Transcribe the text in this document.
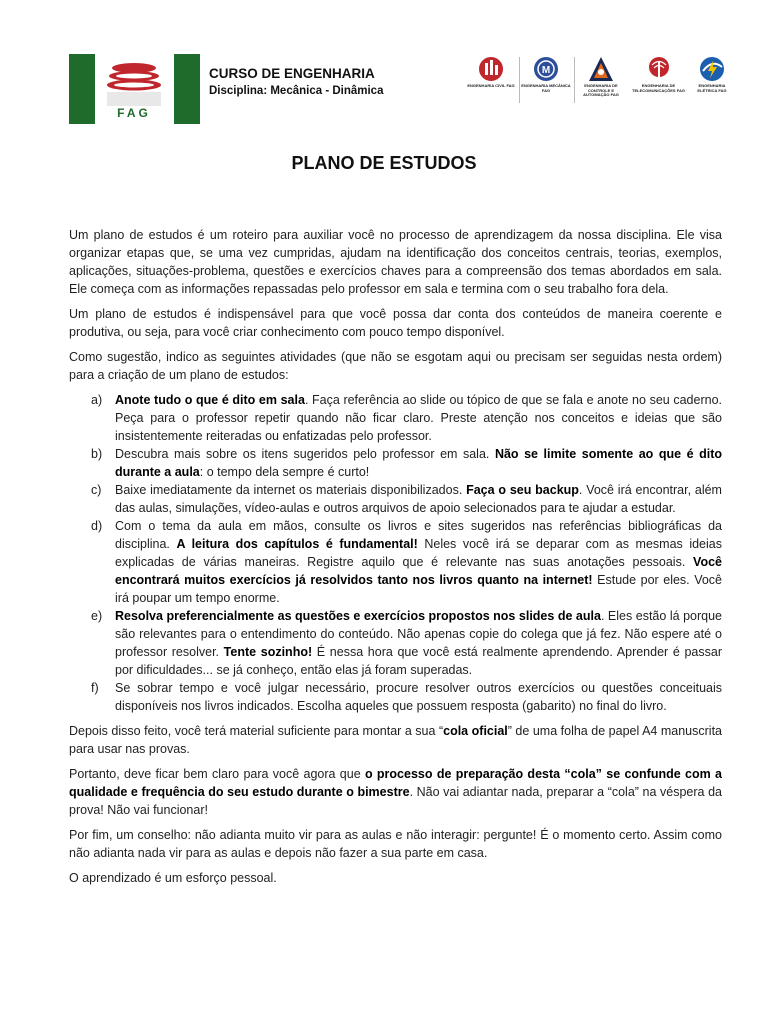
FAG
CURSO DE ENGENHARIA
Disciplina: Mecânica - Dinâmica	ENGENHARIA CIVIL FAG
M
ENGENHARIA MECÂNICA FAG
ENGENHARIA DE CONTROLE E AUTOMAÇÃO FAG
ENGENHARIA DE TELECOMUNICAÇÕES FAG
ENGENHARIA ELÉTRICA FAG
PLANO DE ESTUDOS

Um plano de estudos é um roteiro para auxiliar você no processo de aprendizagem da nossa disciplina. Ele visa organizar etapas que, se uma vez cumpridas, ajudam na identificação dos conceitos centrais, teorias, exemplos, aplicações, situações-problema, questões e exercícios chaves para a compreensão dos temas abordados em sala. Ele começa com as informações repassadas pelo professor em sala e termina com o seu trabalho fora dela.

Um plano de estudos é indispensável para que você possa dar conta dos conteúdos de maneira coerente e produtiva, ou seja, para você criar conhecimento com pouco tempo disponível.

Como sugestão, indico as seguintes atividades (que não se esgotam aqui ou precisam ser seguidas nesta ordem) para a criação de um plano de estudos:

a) Anote tudo o que é dito em sala. Faça referência ao slide ou tópico de que se fala e anote no seu caderno. Peça para o professor repetir quando não ficar claro. Preste atenção nos conceitos e ideias que são insistentemente reiteradas ou enfatizadas pelo professor.
b) Descubra mais sobre os itens sugeridos pelo professor em sala. Não se limite somente ao que é dito durante a aula: o tempo dela sempre é curto!
c) Baixe imediatamente da internet os materiais disponibilizados. Faça o seu backup. Você irá encontrar, além das aulas, simulações, vídeo-aulas e outros arquivos de apoio selecionados para te ajudar a estudar.
d) Com o tema da aula em mãos, consulte os livros e sites sugeridos nas referências bibliográficas da disciplina. A leitura dos capítulos é fundamental! Neles você irá se deparar com as mesmas ideias explicadas de várias maneiras. Registre aquilo que é relevante nas suas anotações pessoais. Você encontrará muitos exercícios já resolvidos tanto nos livros quanto na internet! Estude por eles. Você irá poupar um tempo enorme.
e) Resolva preferencialmente as questões e exercícios propostos nos slides de aula. Eles estão lá porque são relevantes para o entendimento do conteúdo. Não apenas copie do colega que já fez. Não espere até o professor resolver. Tente sozinho! É nessa hora que você está realmente aprendendo. Aprender é passar por dificuldades... se já conheço, então elas já foram superadas.
f) Se sobrar tempo e você julgar necessário, procure resolver outros exercícios ou questões conceituais disponíveis nos livros indicados. Escolha aqueles que possuem resposta (gabarito) no final do livro.

Depois disso feito, você terá material suficiente para montar a sua “cola oficial” de uma folha de papel A4 manuscrita para usar nas provas.

Portanto, deve ficar bem claro para você agora que o processo de preparação desta “cola” se confunde com a qualidade e frequência do seu estudo durante o bimestre. Não vai adiantar nada, preparar a “cola” na véspera da prova! Não vai funcionar!

Por fim, um conselho: não adianta muito vir para as aulas e não interagir: pergunte! É o momento certo. Assim como não adianta nada vir para as aulas e depois não fazer a sua parte em casa.

O aprendizado é um esforço pessoal.
